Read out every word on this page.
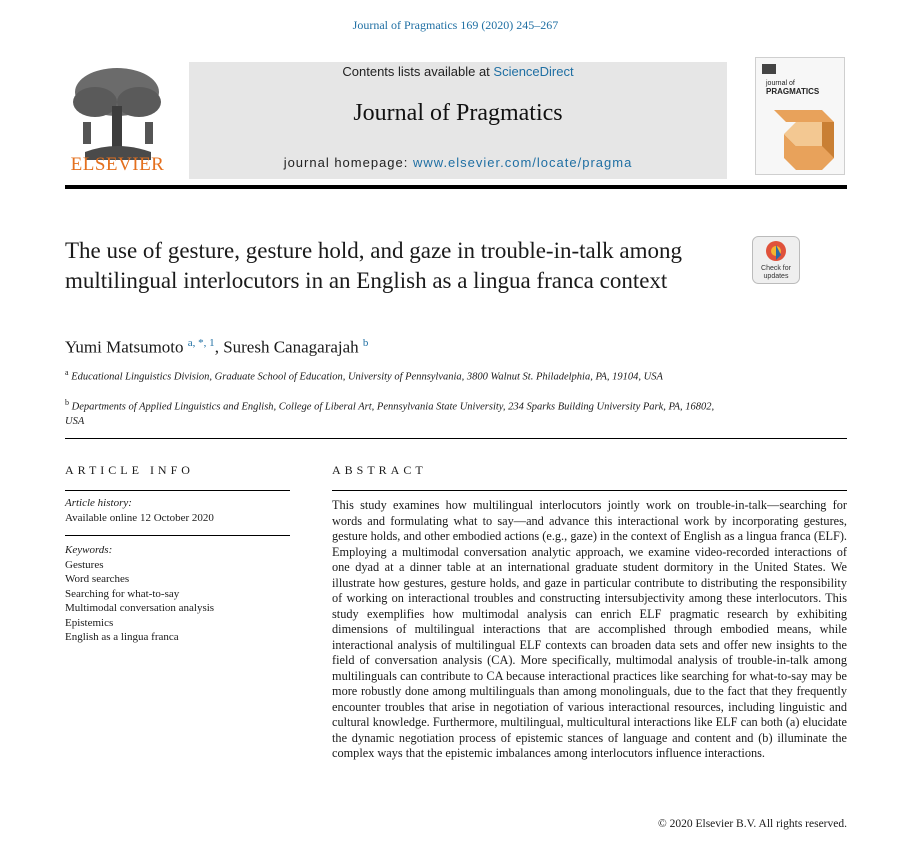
Journal of Pragmatics 169 (2020) 245–267
ELSEVIER
Contents lists available at ScienceDirect
Journal of Pragmatics
journal homepage: www.elsevier.com/locate/pragma
journal of
PRAGMATICS
The use of gesture, gesture hold, and gaze in trouble-in-talk among multilingual interlocutors in an English as a lingua franca context	Check for
updates
Yumi Matsumoto $^{a, *, 1}$, Suresh Canagarajah $^b$
$^a$ Educational Linguistics Division, Graduate School of Education, University of Pennsylvania, 3800 Walnut St. Philadelphia, PA, 19104, USA
$^b$ Departments of Applied Linguistics and English, College of Liberal Art, Pennsylvania State University, 234 Sparks Building University Park, PA, 16802, USA
ARTICLE INFO	ABSTRACT
Article history:
Available online 12 October 2020
Keywords:
Gestures
Word searches
Searching for what-to-say
Multimodal conversation analysis
Epistemics
English as a lingua franca

This study examines how multilingual interlocutors jointly work on trouble-in-talk—searching for words and formulating what to say—and advance this interactional work by incorporating gestures, gesture holds, and other embodied actions (e.g., gaze) in the context of English as a lingua franca (ELF). Employing a multimodal conversation analytic approach, we examine video-recorded interactions of one dyad at a dinner table at an international graduate student dormitory in the United States. We illustrate how gestures, gesture holds, and gaze in particular contribute to distributing the responsibility of working on interactional troubles and constructing intersubjectivity among these interlocutors. This study exemplifies how multimodal analysis can enrich ELF pragmatic research by exhibiting dimensions of multilingual interactions that are accomplished through embodied means, while interactional analysis of multilingual ELF contexts can broaden data sets and offer new insights to the field of conversation analysis (CA). More specifically, multimodal analysis of trouble-in-talk among multilinguals can contribute to CA because interactional practices like searching for what-to-say may be more robustly done among multilinguals than among monolinguals, due to the fact that they frequently encounter troubles that arise in negotiation of various interactional resources, including linguistic and cultural knowledge. Furthermore, multilingual, multicultural interactions like ELF can both (a) elucidate the dynamic negotiation process of epistemic stances of language and content and (b) illuminate the complex ways that the epistemic imbalances among interlocutors influence interactions.

© 2020 Elsevier B.V. All rights reserved.
